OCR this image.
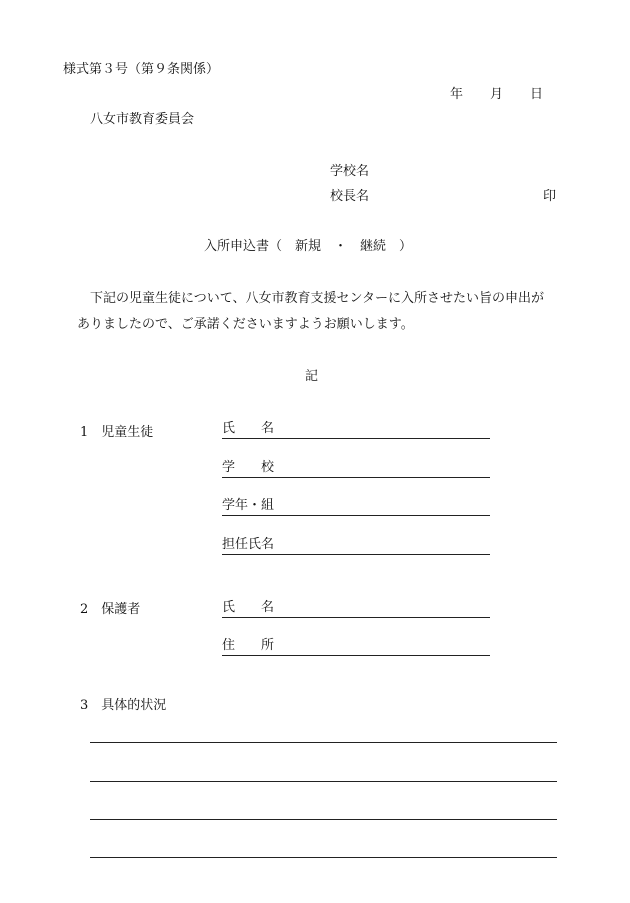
様式第３号（第９条関係）
年 月 日
八女市教育委員会
学校名
校長名	印
入所申込書（　新規　・　継続　）

下記の児童生徒について、八女市教育支援センターに入所させたい旨の申出が

ありましたので、ご承諾くださいますようお願いします。

記
1　児童生徒	氏　　名
学　　校
学年・組
担任氏名
2　保護者	氏　　名
住　　所
3　具体的状況
